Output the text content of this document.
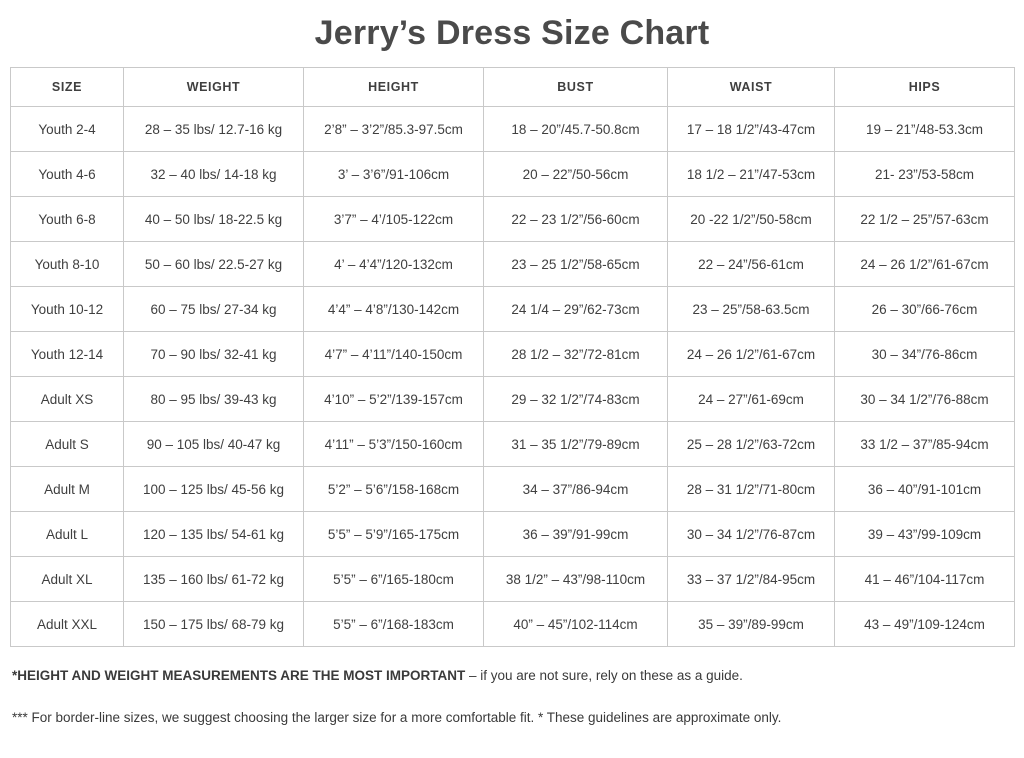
Jerry’s Dress Size Chart
SIZE	WEIGHT	HEIGHT	BUST	WAIST	HIPS
Youth 2-4	28 – 35 lbs/ 12.7-16 kg	2’8” – 3’2”/85.3-97.5cm	18 – 20”/45.7-50.8cm	17 – 18 1/2”/43-47cm	19 – 21”/48-53.3cm
Youth 4-6	32 – 40 lbs/ 14-18 kg	3’ – 3’6”/91-106cm	20 – 22”/50-56cm	18 1/2 – 21”/47-53cm	21- 23”/53-58cm
Youth 6-8	40 – 50 lbs/ 18-22.5 kg	3’7” – 4’/105-122cm	22 – 23 1/2”/56-60cm	20 -22 1/2”/50-58cm	22 1/2 – 25”/57-63cm
Youth 8-10	50 – 60 lbs/ 22.5-27 kg	4’ – 4’4”/120-132cm	23 – 25 1/2”/58-65cm	22 – 24”/56-61cm	24 – 26 1/2”/61-67cm
Youth 10-12	60 – 75 lbs/ 27-34 kg	4’4” – 4’8”/130-142cm	24 1/4 – 29”/62-73cm	23 – 25”/58-63.5cm	26 – 30”/66-76cm
Youth 12-14	70 – 90 lbs/ 32-41 kg	4’7” – 4’11”/140-150cm	28 1/2 – 32”/72-81cm	24 – 26 1/2”/61-67cm	30 – 34”/76-86cm
Adult XS	80 – 95 lbs/ 39-43 kg	4’10” – 5’2”/139-157cm	29 – 32 1/2”/74-83cm	24 – 27”/61-69cm	30 – 34 1/2”/76-88cm
Adult S	90 – 105 lbs/ 40-47 kg	4’11” – 5’3”/150-160cm	31 – 35 1/2”/79-89cm	25 – 28 1/2”/63-72cm	33 1/2 – 37”/85-94cm
Adult M	100 – 125 lbs/ 45-56 kg	5’2” – 5’6”/158-168cm	34 – 37”/86-94cm	28 – 31 1/2”/71-80cm	36 – 40”/91-101cm
Adult L	120 – 135 lbs/ 54-61 kg	5’5” – 5’9”/165-175cm	36 – 39”/91-99cm	30 – 34 1/2”/76-87cm	39 – 43”/99-109cm
Adult XL	135 – 160 lbs/ 61-72 kg	5’5” – 6”/165-180cm	38 1/2” – 43”/98-110cm	33 – 37 1/2”/84-95cm	41 – 46”/104-117cm
Adult XXL	150 – 175 lbs/ 68-79 kg	5’5” – 6”/168-183cm	40” – 45”/102-114cm	35 – 39”/89-99cm	43 – 49”/109-124cm
*HEIGHT AND WEIGHT MEASUREMENTS ARE THE MOST IMPORTANT – if you are not sure, rely on these as a guide.
*** For border-line sizes, we suggest choosing the larger size for a more comfortable fit. * These guidelines are approximate only.
